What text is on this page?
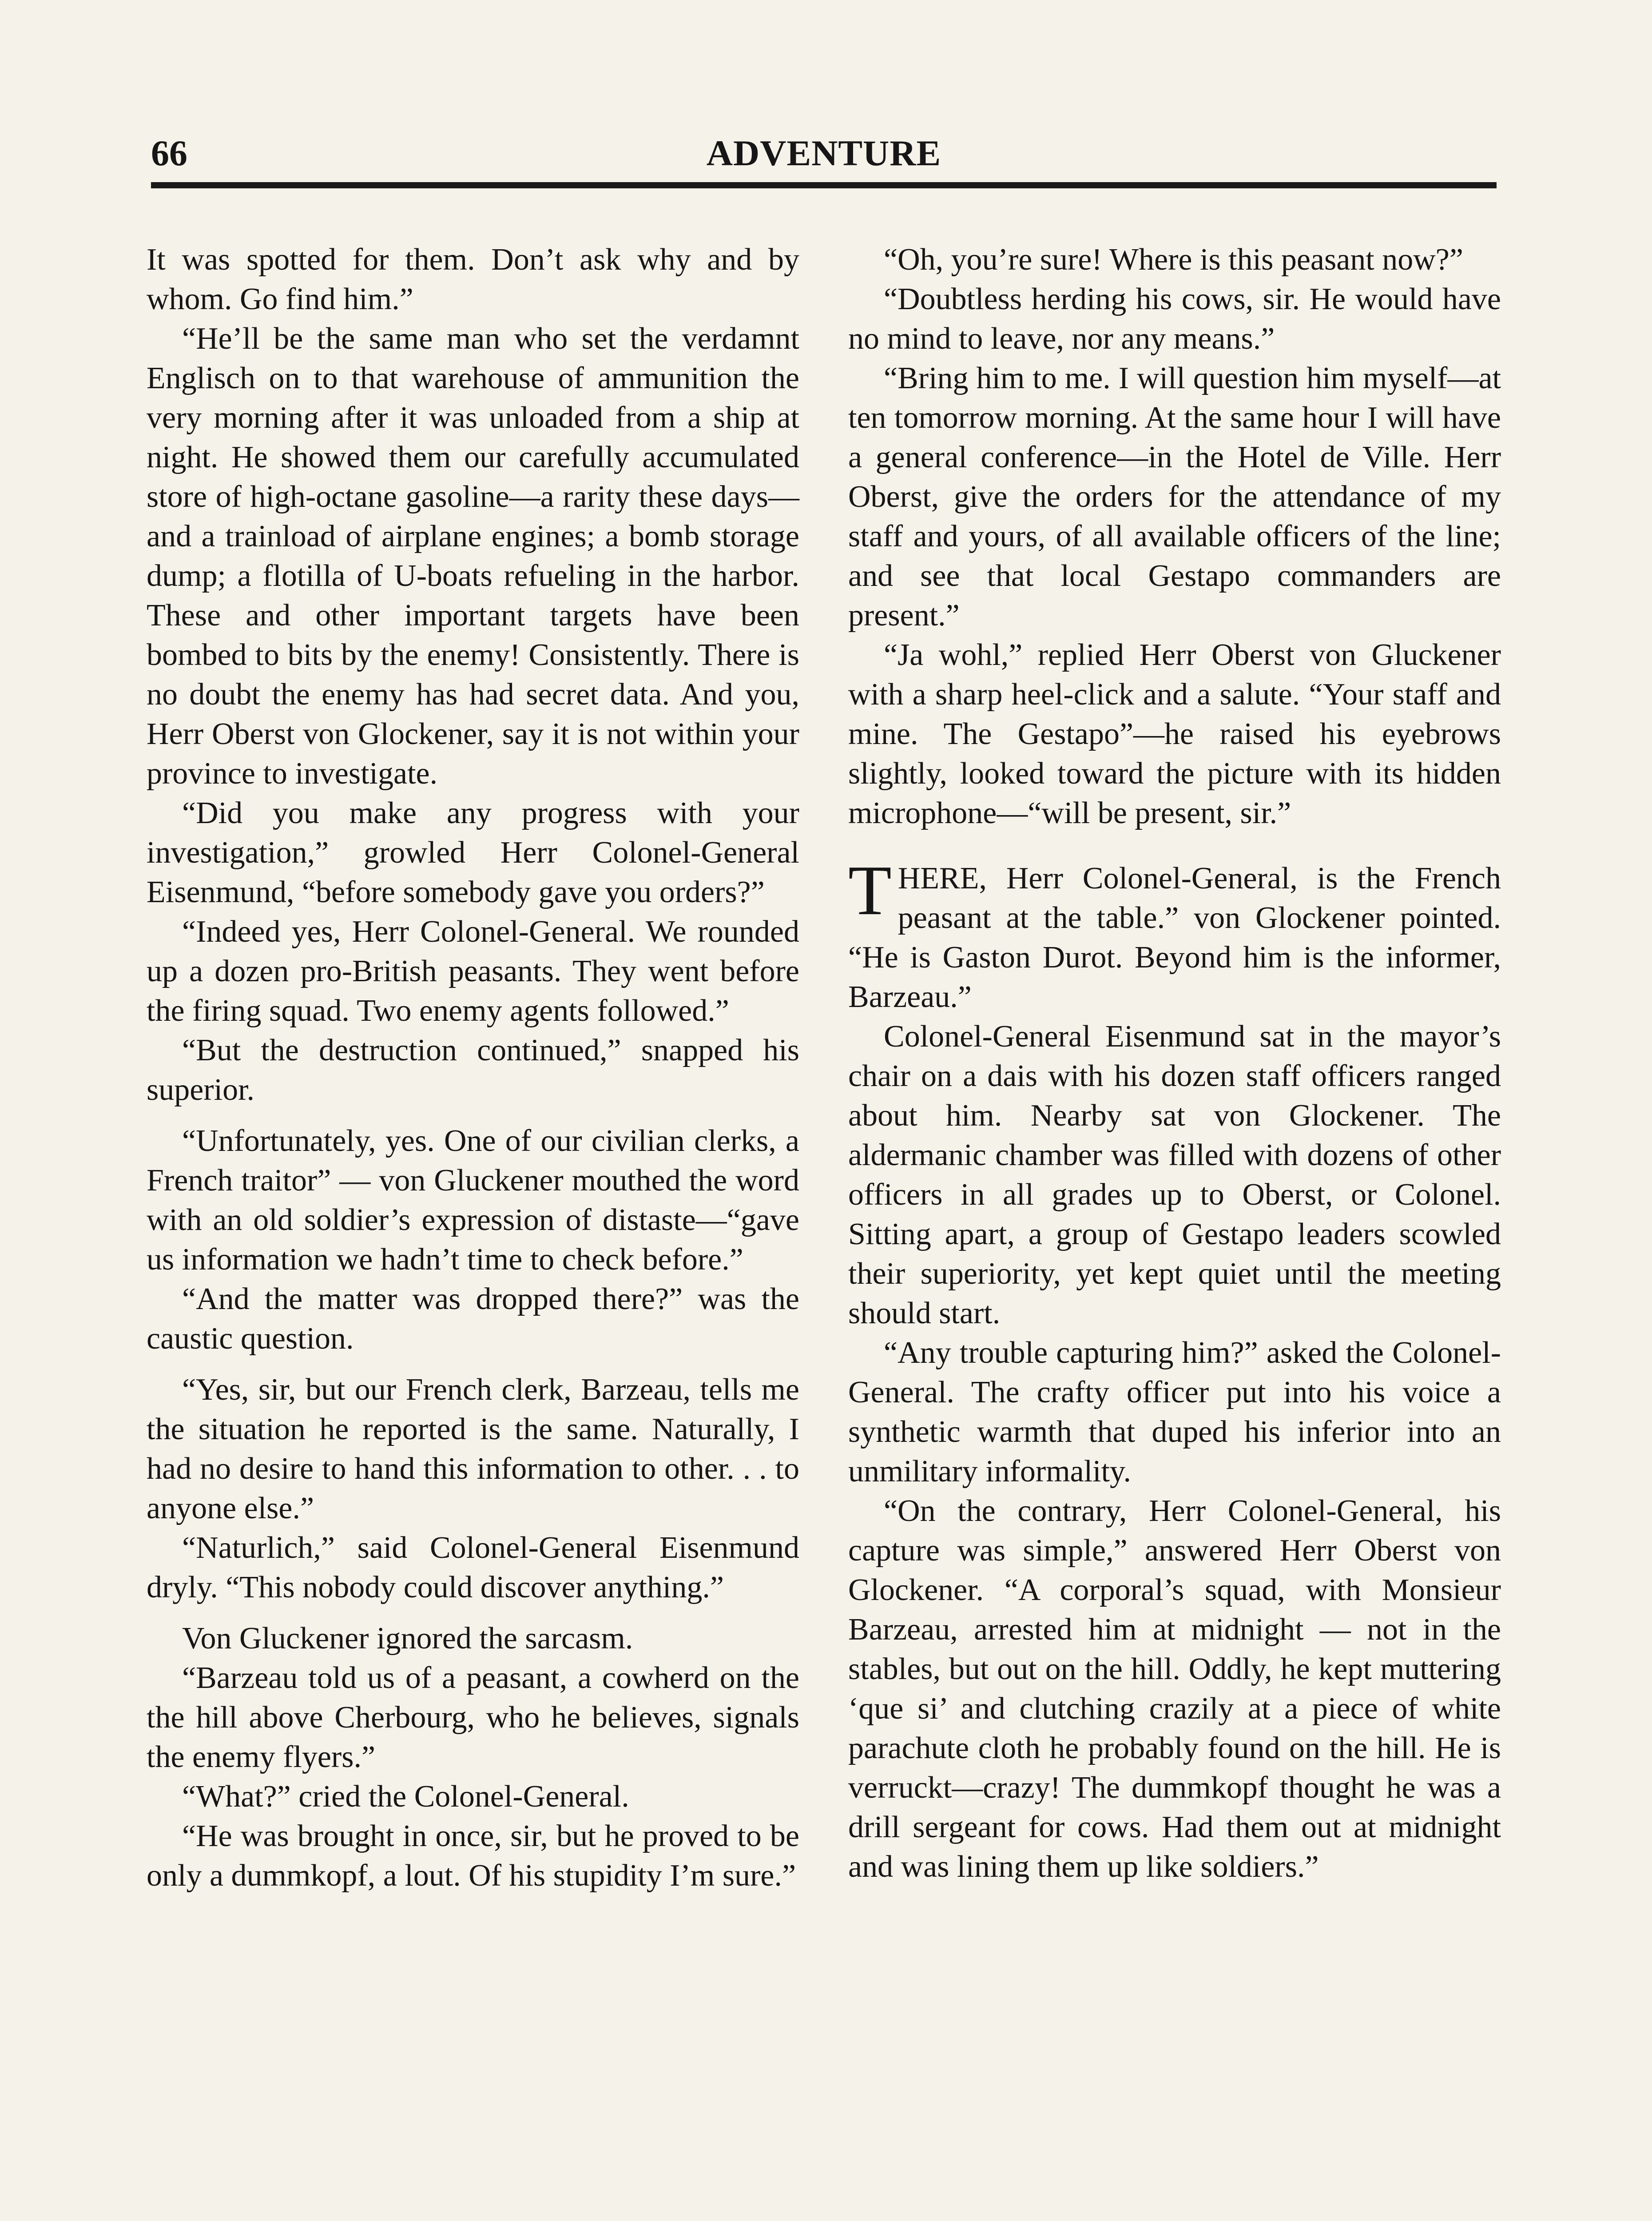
66	ADVENTURE

It was spotted for them. Don’t ask why and by whom. Go find him.”

“He’ll be the same man who set the verdamnt Englisch on to that warehouse of ammunition the very morning after it was unloaded from a ship at night. He showed them our carefully accumulated store of high-octane gasoline—a rarity these days—and a trainload of airplane engines; a bomb storage dump; a flotilla of U-boats refueling in the harbor. These and other important targets have been bombed to bits by the enemy! Consistently. There is no doubt the enemy has had secret data. And you, Herr Oberst von Glockener, say it is not within your province to investigate.

“Did you make any progress with your investigation,” growled Herr Colonel-General Eisenmund, “before somebody gave you orders?”

“Indeed yes, Herr Colonel-General. We rounded up a dozen pro-British peasants. They went before the firing squad. Two enemy agents followed.”

“But the destruction continued,” snapped his superior.

“Unfortunately, yes. One of our civilian clerks, a French traitor” — von Gluckener mouthed the word with an old soldier’s expression of distaste—“gave us information we hadn’t time to check before.”

“And the matter was dropped there?” was the caustic question.

“Yes, sir, but our French clerk, Barzeau, tells me the situation he reported is the same. Naturally, I had no desire to hand this information to other. . . to anyone else.”

“Naturlich,” said Colonel-General Eisenmund dryly. “This nobody could discover anything.”

Von Gluckener ignored the sarcasm.

“Barzeau told us of a peasant, a cowherd on the the hill above Cherbourg, who he believes, signals the enemy flyers.”

“What?” cried the Colonel-General.

“He was brought in once, sir, but he proved to be only a dummkopf, a lout. Of his stupidity I’m sure.”

“Oh, you’re sure! Where is this peasant now?”

“Doubtless herding his cows, sir. He would have no mind to leave, nor any means.”

“Bring him to me. I will question him myself—at ten tomorrow morning. At the same hour I will have a general conference—in the Hotel de Ville. Herr Oberst, give the orders for the attendance of my staff and yours, of all available officers of the line; and see that local Gestapo commanders are present.”

“Ja wohl,” replied Herr Oberst von Gluckener with a sharp heel-click and a salute. “Your staff and mine. The Gestapo”—he raised his eyebrows slightly, looked toward the picture with its hidden microphone—“will be present, sir.”

THERE, Herr Colonel-General, is the French peasant at the table.” von Glockener pointed. “He is Gaston Durot. Beyond him is the informer, Barzeau.”

Colonel-General Eisenmund sat in the mayor’s chair on a dais with his dozen staff officers ranged about him. Nearby sat von Glockener. The aldermanic chamber was filled with dozens of other officers in all grades up to Oberst, or Colonel. Sitting apart, a group of Gestapo leaders scowled their superiority, yet kept quiet until the meeting should start.

“Any trouble capturing him?” asked the Colonel-General. The crafty officer put into his voice a synthetic warmth that duped his inferior into an unmilitary informality.

“On the contrary, Herr Colonel-General, his capture was simple,” answered Herr Oberst von Glockener. “A corporal’s squad, with Monsieur Barzeau, arrested him at midnight — not in the stables, but out on the hill. Oddly, he kept muttering ‘que si’ and clutching crazily at a piece of white parachute cloth he probably found on the hill. He is verruckt—crazy! The dummkopf thought he was a drill sergeant for cows. Had them out at midnight and was lining them up like soldiers.”
